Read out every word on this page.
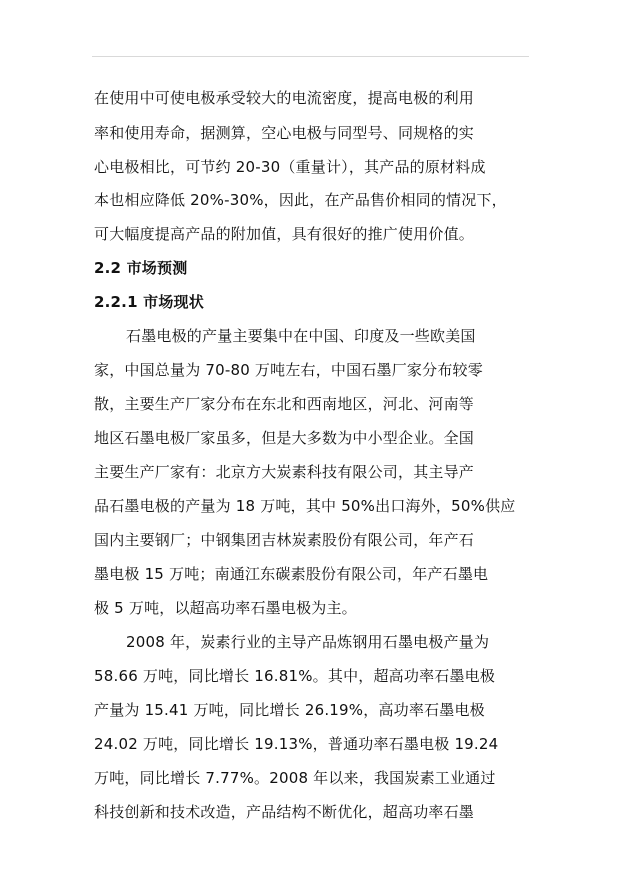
在使用中可使电极承受较大的电流密度，提高电极的利用
率和使用寿命，据测算，空心电极与同型号、同规格的实
心电极相比，可节约 20-30（重量计），其产品的原材料成
本也相应降低 20%-30%，因此，在产品售价相同的情况下，
可大幅度提高产品的附加值，具有很好的推广使用价值。
2.2 市场预测
2.2.1 市场现状
石墨电极的产量主要集中在中国、印度及一些欧美国
家，中国总量为 70-80 万吨左右，中国石墨厂家分布较零
散，主要生产厂家分布在东北和西南地区，河北、河南等
地区石墨电极厂家虽多，但是大多数为中小型企业。全国
主要生产厂家有：北京方大炭素科技有限公司，其主导产
品石墨电极的产量为 18 万吨，其中 50%出口海外，50%供应
国内主要钢厂；中钢集团吉林炭素股份有限公司，年产石
墨电极 15 万吨；南通江东碳素股份有限公司，年产石墨电
极 5 万吨，以超高功率石墨电极为主。
2008 年，炭素行业的主导产品炼钢用石墨电极产量为
58.66 万吨，同比增长 16.81%。其中，超高功率石墨电极
产量为 15.41 万吨，同比增长 26.19%，高功率石墨电极
24.02 万吨，同比增长 19.13%，普通功率石墨电极 19.24
万吨，同比增长 7.77%。2008 年以来，我国炭素工业通过
科技创新和技术改造，产品结构不断优化，超高功率石墨
